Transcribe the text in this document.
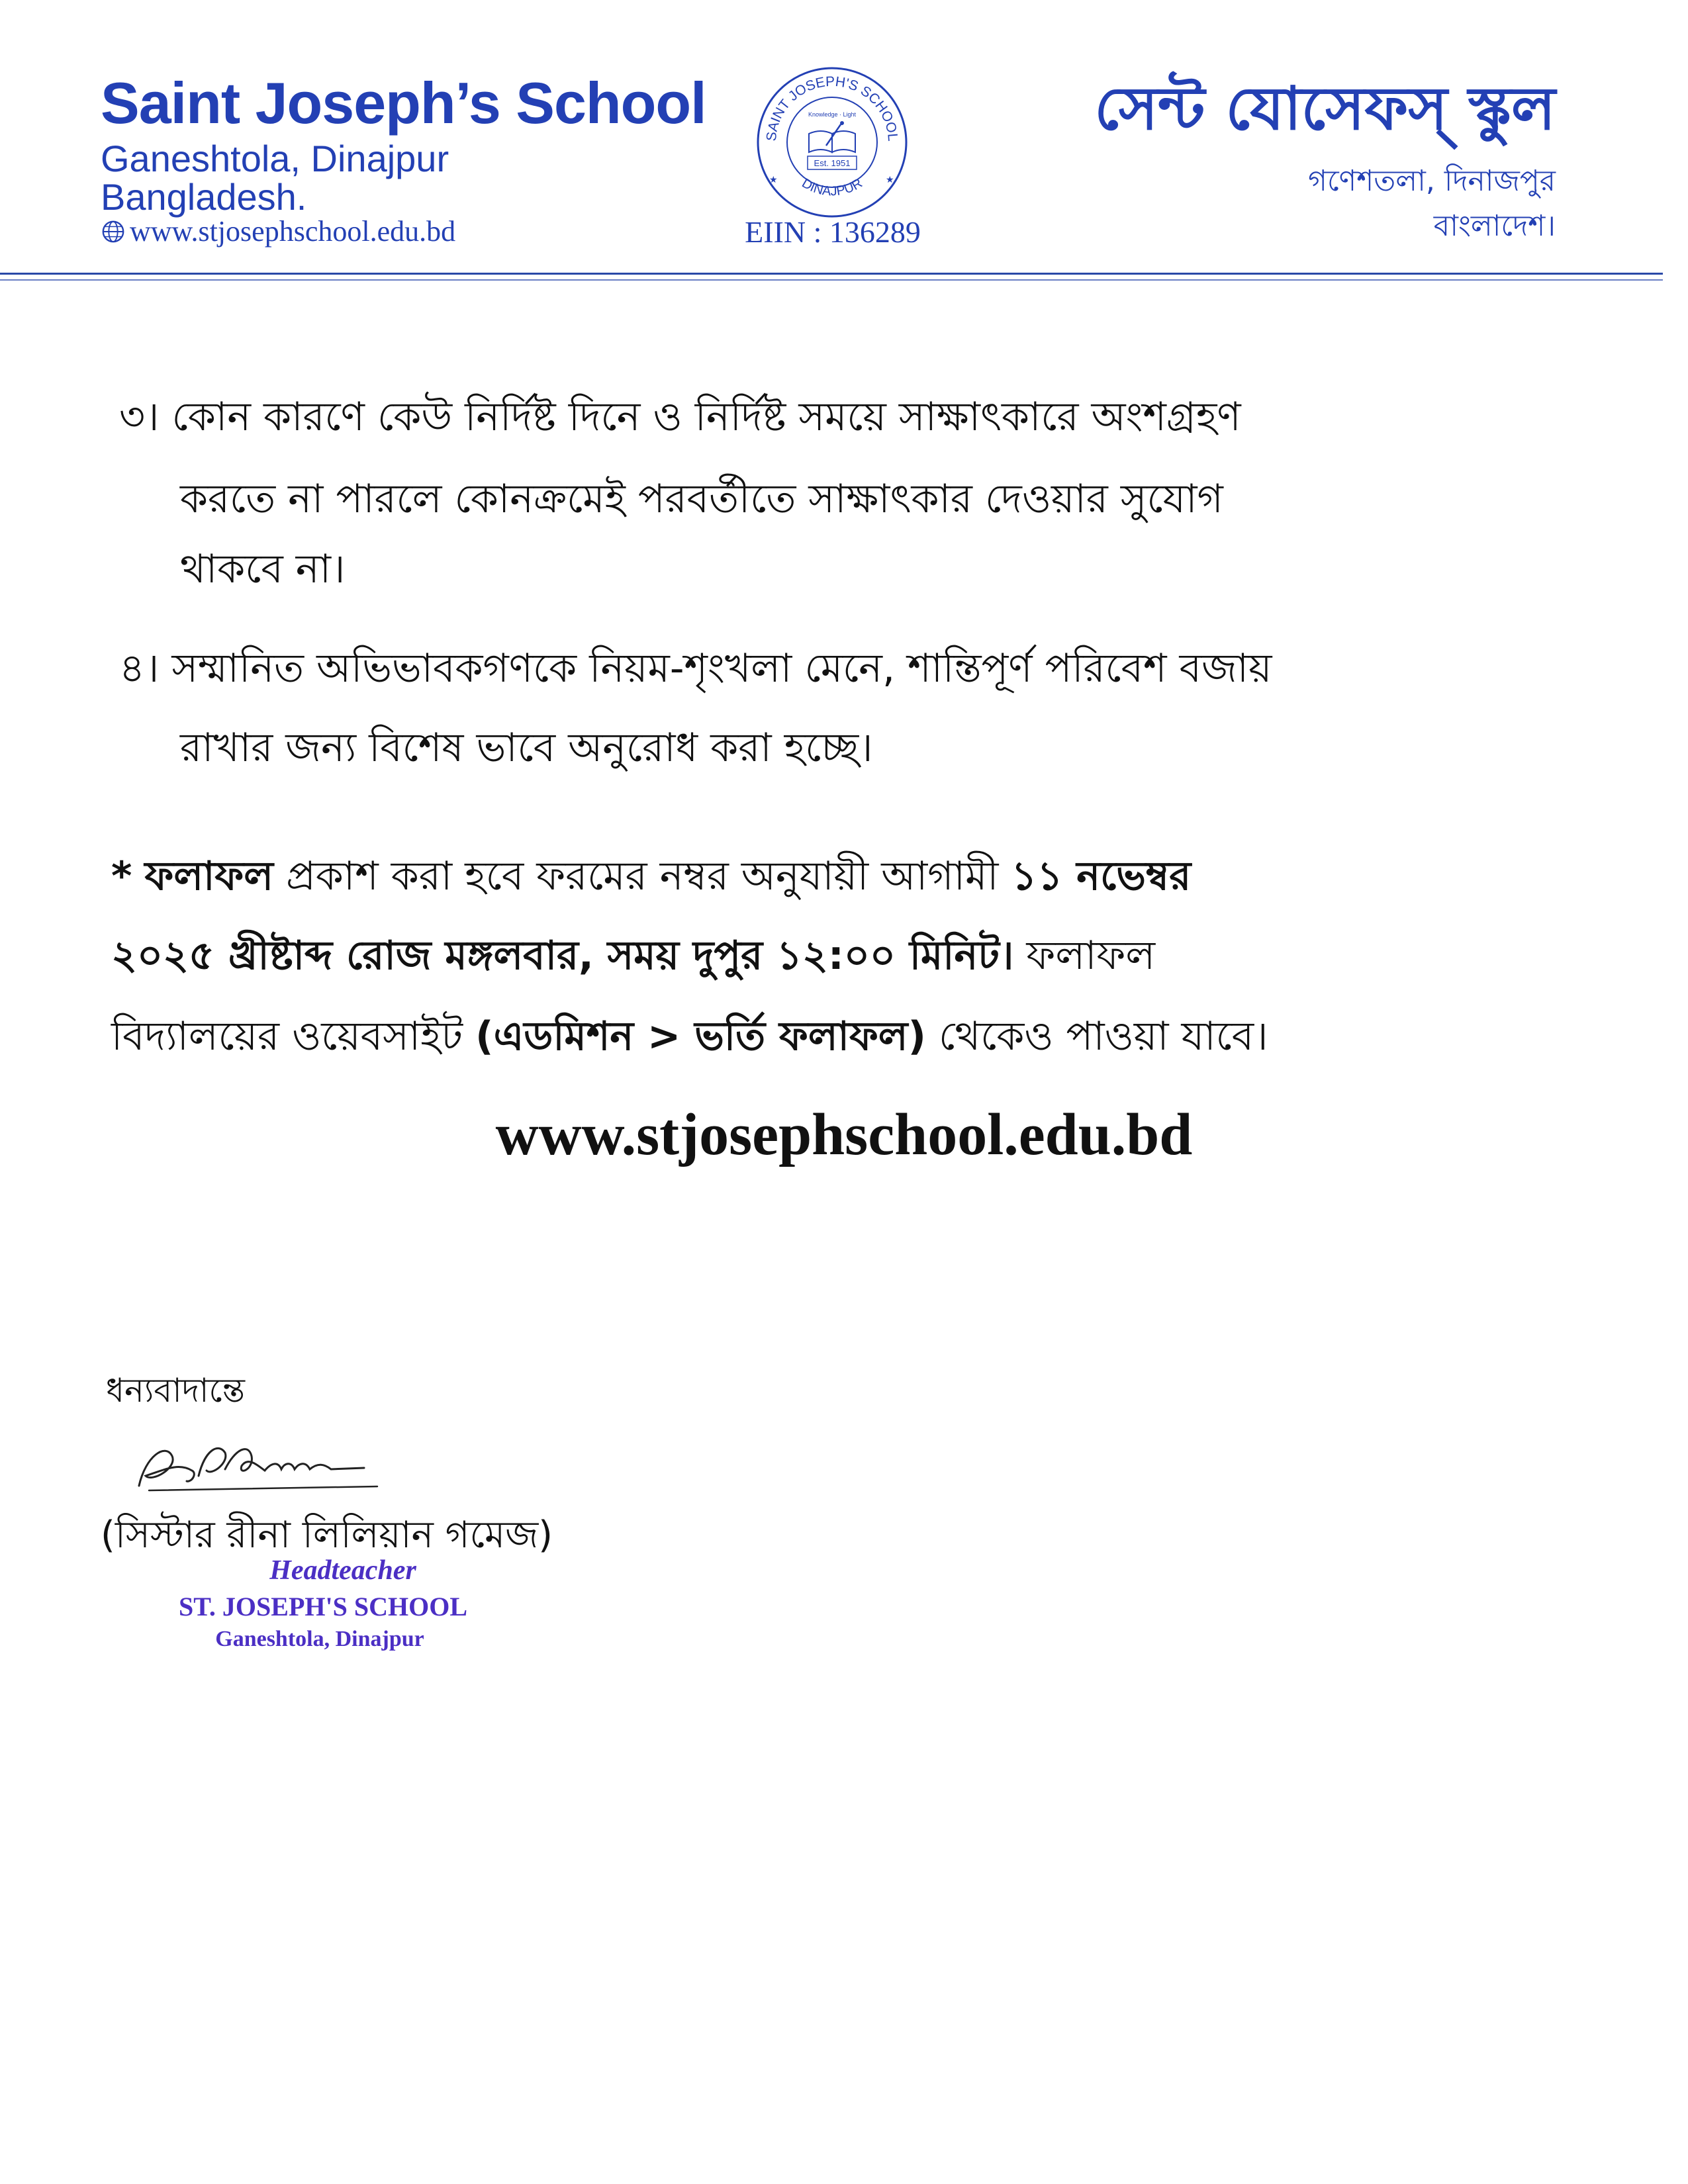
Saint Joseph’s School

Ganeshtola, Dinajpur

Bangladesh.

www.stjosephschool.edu.bd
SAINT JOSEPH'S SCHOOL
DINAJPUR
Knowledge · Light
Est. 1951
★	★
EIIN : 136289
সেন্ট যোসেফস্ স্কুল

গণেশতলা, দিনাজপুর

বাংলাদেশ।

৩। কোন কারণে কেউ নির্দিষ্ট দিনে ও নির্দিষ্ট সময়ে সাক্ষাৎকারে অংশগ্রহণ
করতে না পারলে কোনক্রমেই পরবর্তীতে সাক্ষাৎকার দেওয়ার সুযোগ
থাকবে না।
৪। সম্মানিত অভিভাবকগণকে নিয়ম-শৃংখলা মেনে, শান্তিপূর্ণ পরিবেশ বজায়
রাখার জন্য বিশেষ ভাবে অনুরোধ করা হচ্ছে।
* ফলাফল প্রকাশ করা হবে ফরমের নম্বর অনুযায়ী আগামী ১১ নভেম্বর
২০২৫ খ্রীষ্টাব্দ রোজ মঙ্গলবার, সময় দুপুর ১২:০০ মিনিট। ফলাফল
বিদ্যালয়ের ওয়েবসাইট (এডমিশন > ভর্তি ফলাফল) থেকেও পাওয়া যাবে।
www.stjosephschool.edu.bd
ধন্যবাদান্তে
(সিস্টার রীনা লিলিয়ান গমেজ)
Headteacher
ST. JOSEPH'S SCHOOL
Ganeshtola, Dinajpur
